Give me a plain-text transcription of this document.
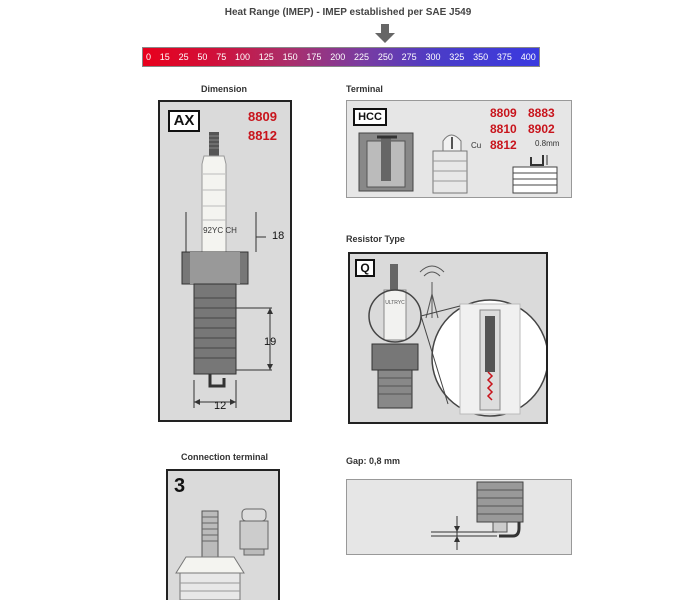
Heat Range (IMEP) - IMEP established per SAE J549
0 15 25 50 75 100 125 150 175 200 225 250 275 300 325 350 375 400
Dimension
AX	8809
8812
92YC CH	18
19
12
Terminal
HCC	8809 8883
8810 8902
8812
Cu	0.8mm
Resistor Type
Q
ULTRYC
Connection terminal
3
Gap: 0,8 mm
